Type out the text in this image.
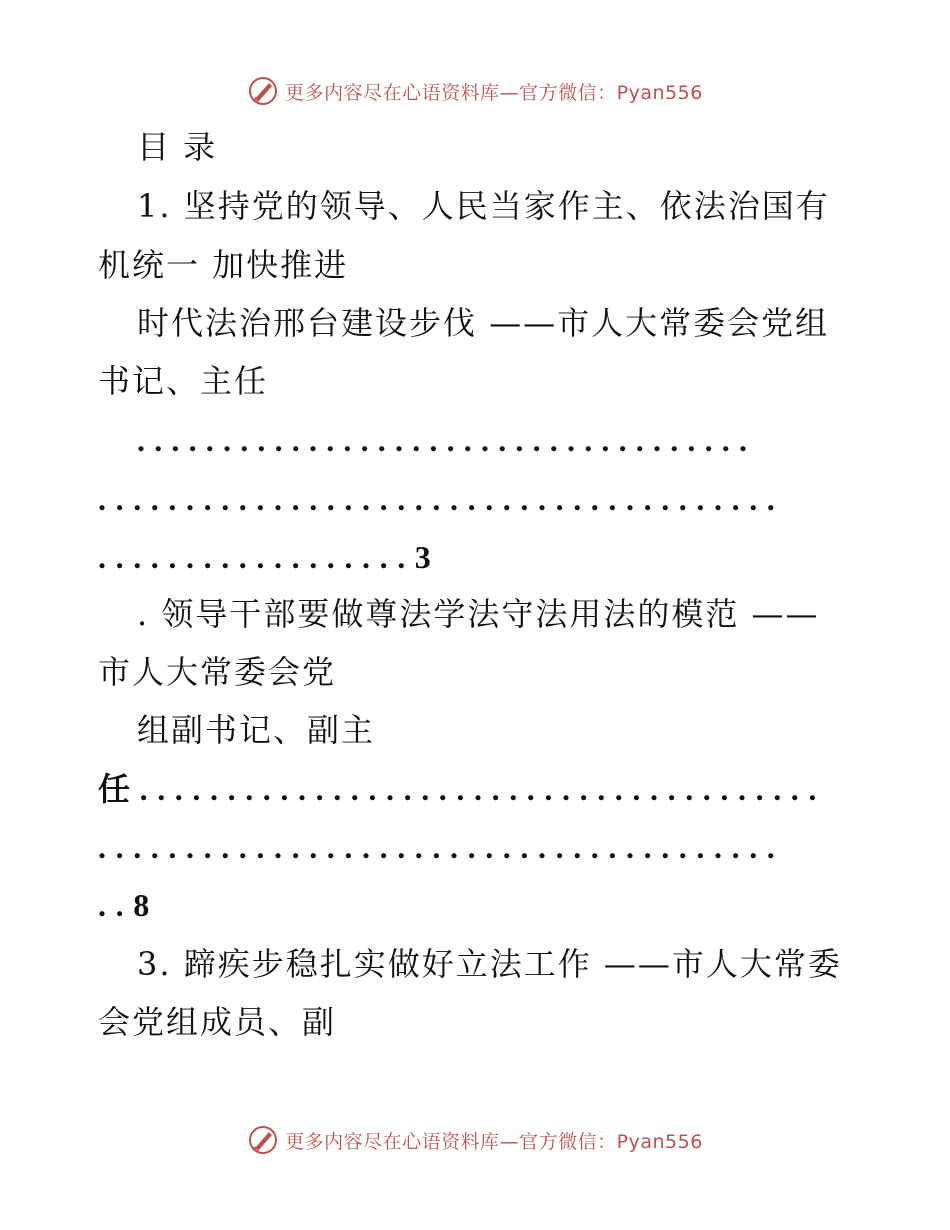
更多内容尽在心语资料库—官方微信：Pyan556
目 录
1. 坚持党的领导、人民当家作主、依法治国有
机统一 加快推进
时代法治邢台建设步伐 ——市人大常委会党组
书记、主任
....................................
.......................................
..................3
. 领导干部要做尊法学法守法用法的模范 ——
市人大常委会党
组副书记、副主
任.......................................
.......................................
..8
3. 蹄疾步稳扎实做好立法工作 ——市人大常委
会党组成员、副
更多内容尽在心语资料库—官方微信：Pyan556
